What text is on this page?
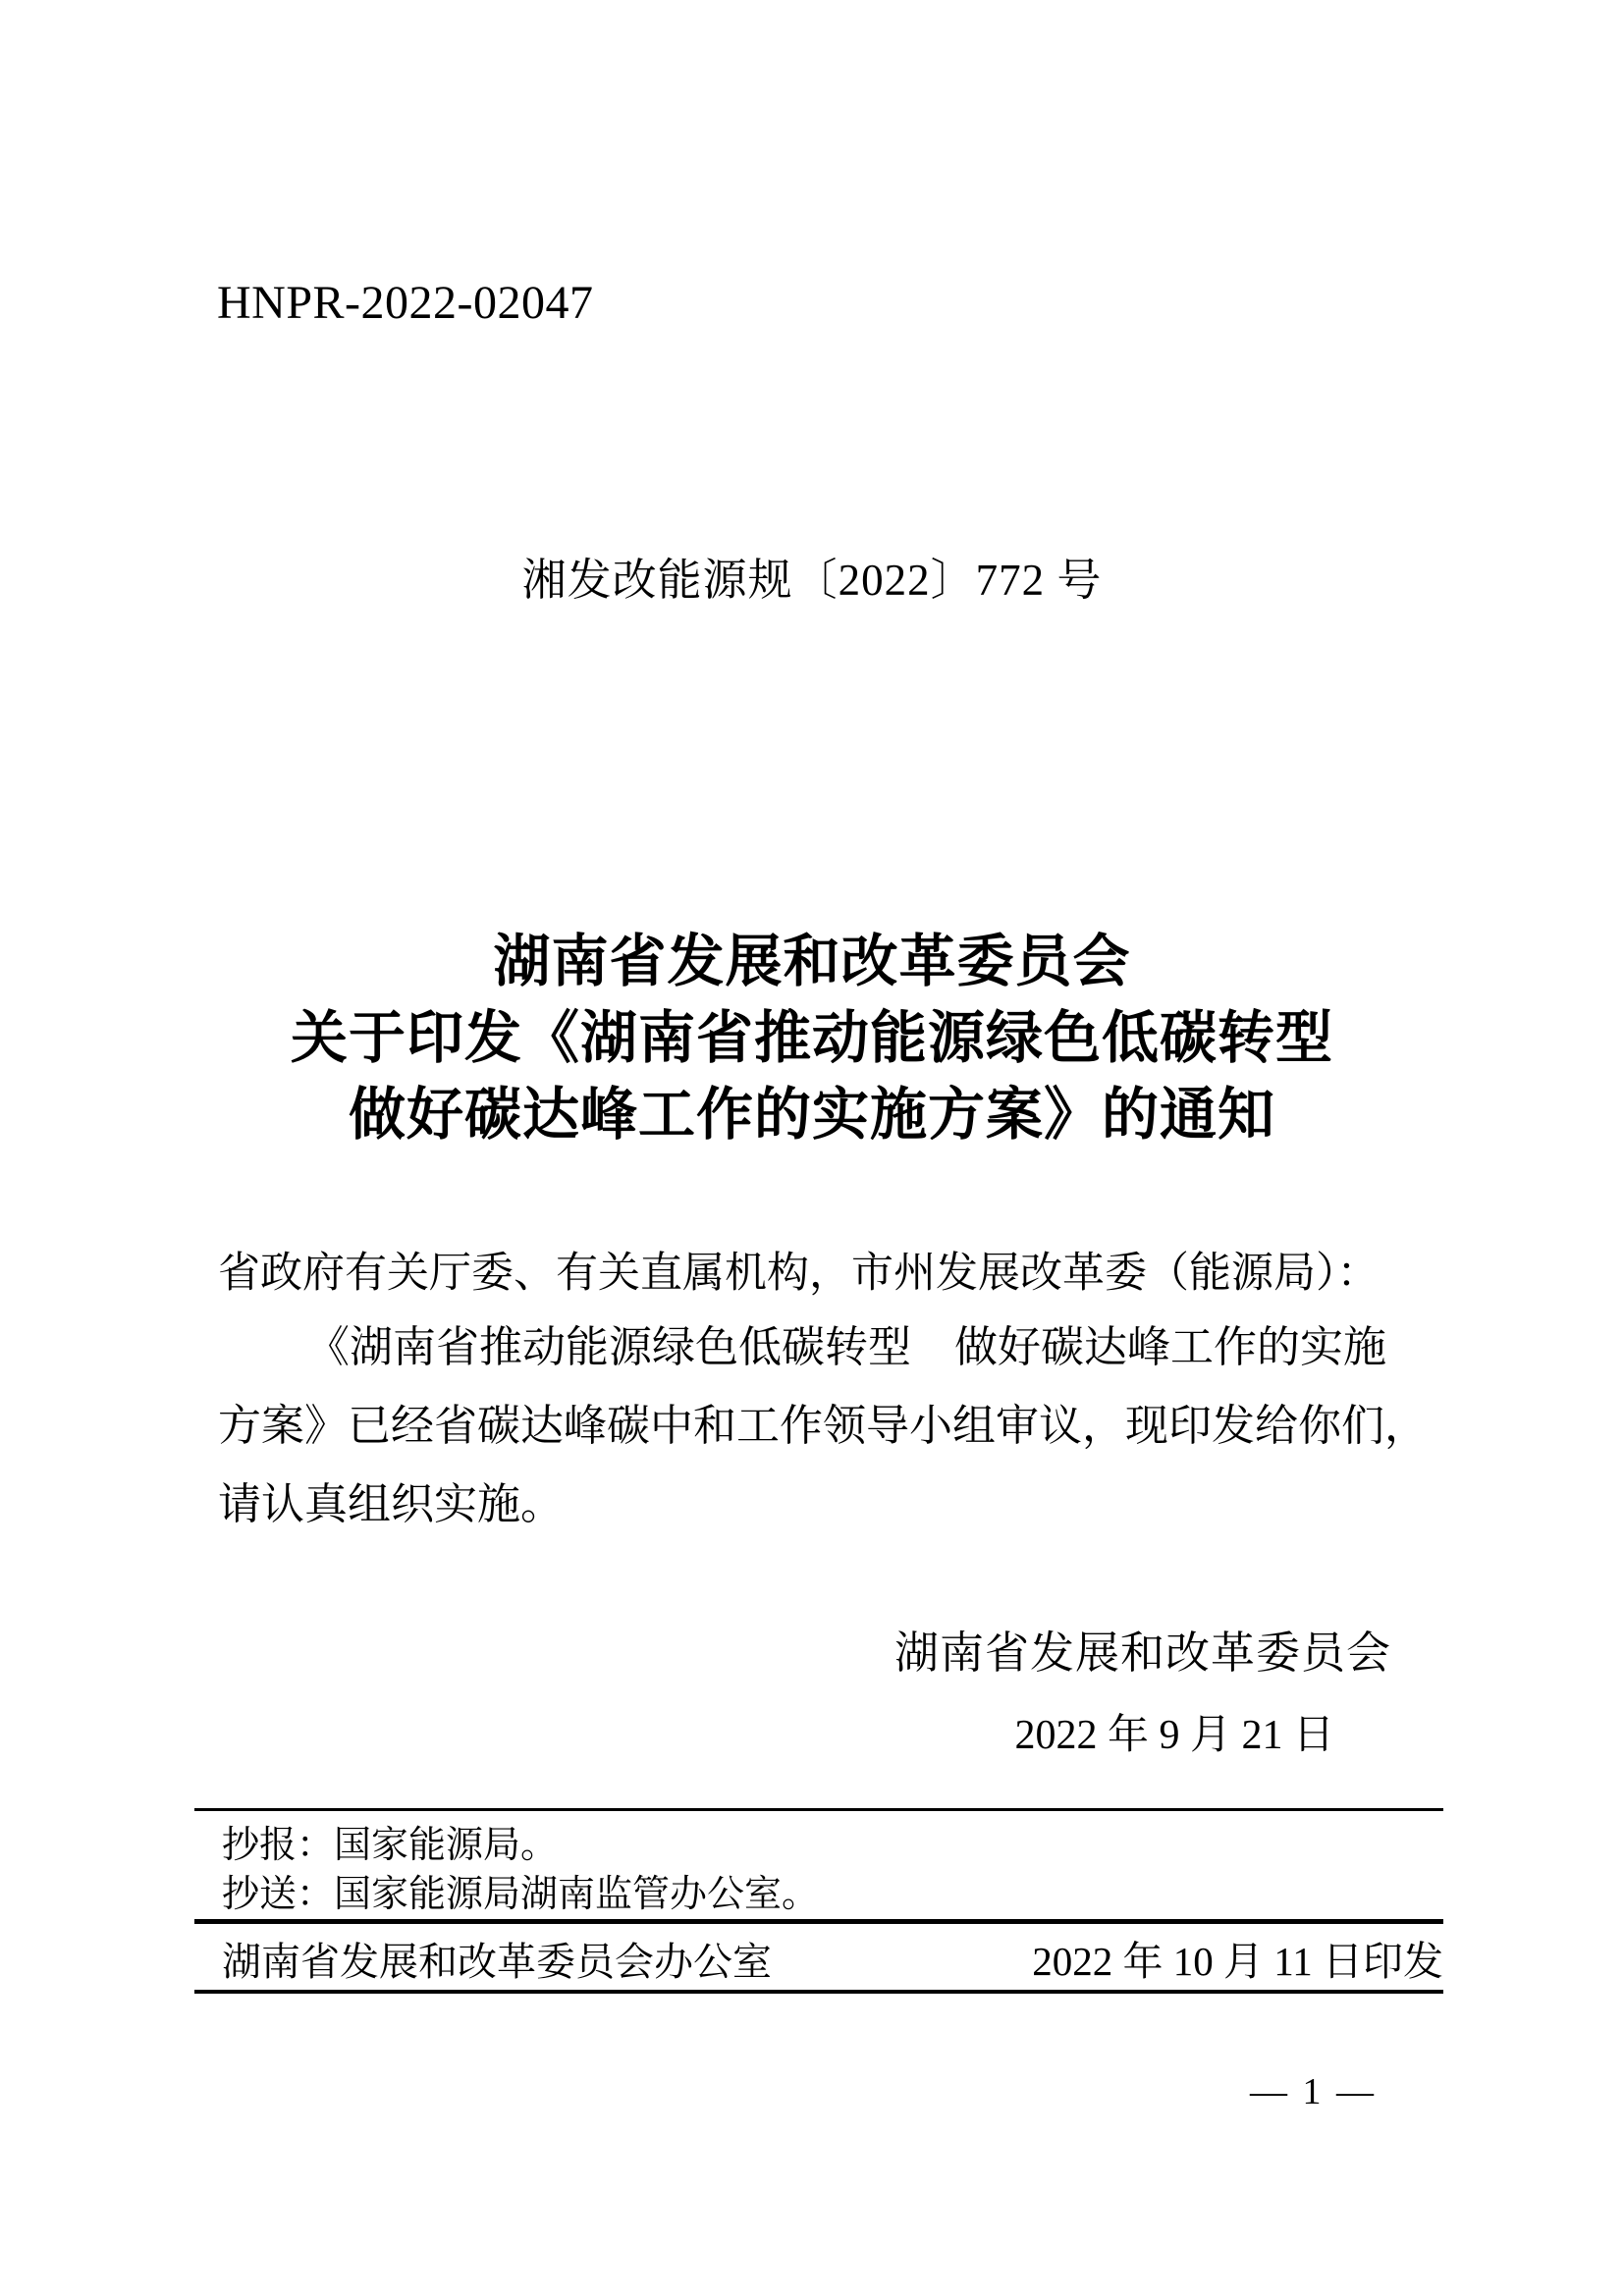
HNPR-2022-02047
湘发改能源规〔2022〕772 号
湖南省发展和改革委员会
关于印发《湖南省推动能源绿色低碳转型
做好碳达峰工作的实施方案》的通知
省政府有关厅委、有关直属机构，市州发展改革委（能源局）：
《湖南省推动能源绿色低碳转型　做好碳达峰工作的实施
方案》已经省碳达峰碳中和工作领导小组审议，现印发给你们，
请认真组织实施。
湖南省发展和改革委员会
2022 年 9 月 21 日
抄报：国家能源局。
抄送：国家能源局湖南监管办公室。
湖南省发展和改革委员会办公室	2022 年 10 月 11 日印发
— 1 —
